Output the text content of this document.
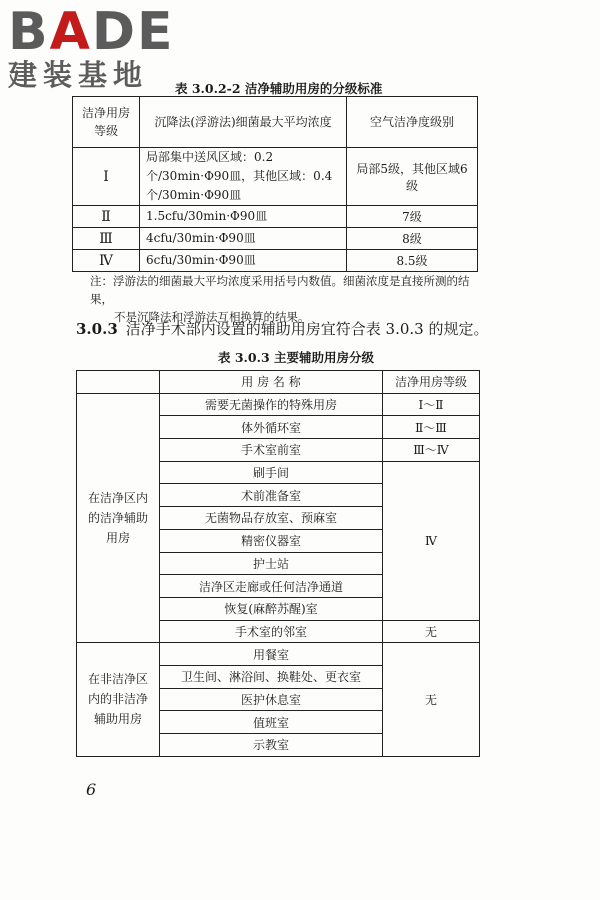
BADE
建装基地	表 3.0.2-2 洁净辅助用房的分级标准
洁净用房等级	沉降法(浮游法)细菌最大平均浓度	空气洁净度级别
Ⅰ	局部集中送风区域：0.2 个/30min·Φ90皿，其他区域：0.4个/30min·Φ90皿	局部5级，其他区域6级
Ⅱ	1.5cfu/30min·Φ90皿	7级
Ⅲ	4cfu/30min·Φ90皿	8级
Ⅳ	6cfu/30min·Φ90皿	8.5级
注：浮游法的细菌最大平均浓度采用括号内数值。细菌浓度是直接所测的结果，
不是沉降法和浮游法互相换算的结果。
3.0.3 洁净手术部内设置的辅助用房宜符合表 3.0.3 的规定。
表 3.0.3 主要辅助用房分级
	用 房 名 称	洁净用房等级
在洁净区内的洁净辅助用房	需要无菌操作的特殊用房	Ⅰ～Ⅱ
	体外循环室	Ⅱ～Ⅲ
	手术室前室	Ⅲ～Ⅳ
	刷手间	Ⅳ
	术前准备室	
	无菌物品存放室、预麻室	
	精密仪器室	
	护士站	
	洁净区走廊或任何洁净通道	
	恢复(麻醉苏醒)室	
	手术室的邻室	无
在非洁净区内的非洁净辅助用房	用餐室	无
	卫生间、淋浴间、换鞋处、更衣室	
	医护休息室	
	值班室	
	示教室	
6
